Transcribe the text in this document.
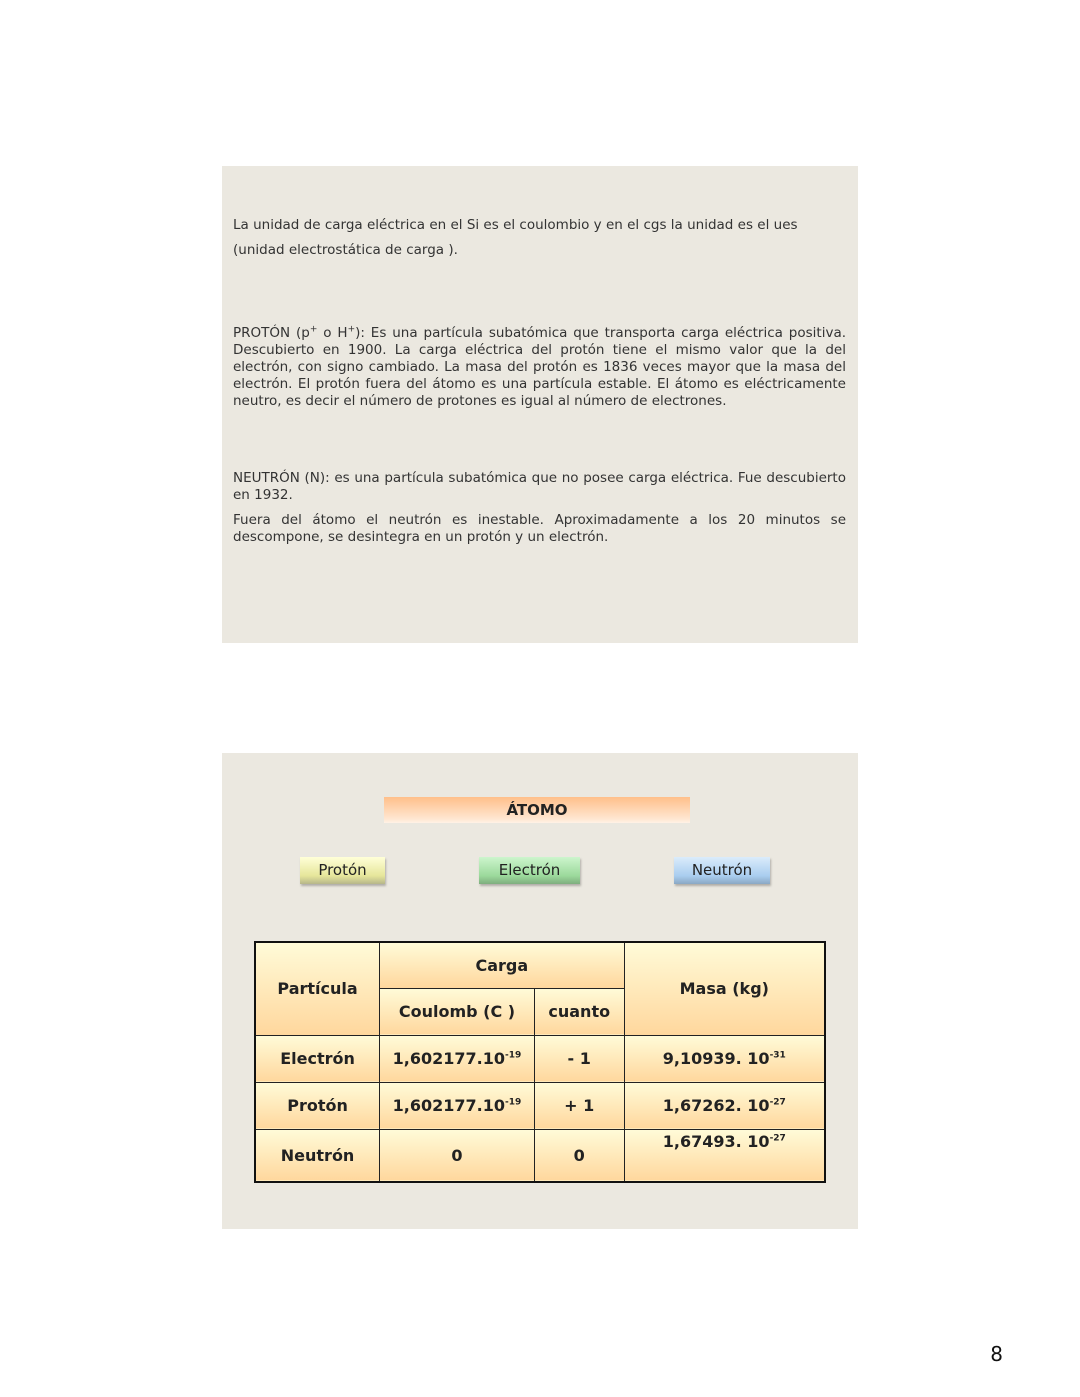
La unidad de carga eléctrica en el Si es el coulombio y en el cgs la unidad es el ues (unidad electrostática de carga ).

PROTÓN (p+ o H+): Es una partícula subatómica que transporta carga eléctrica positiva. Descubierto en 1900. La carga eléctrica del protón tiene el mismo valor que la del electrón, con signo cambiado. La masa del protón es 1836 veces mayor que la masa del electrón. El protón fuera del átomo es una partícula estable. El átomo es eléctricamente neutro, es decir el número de protones es igual al número de electrones.

NEUTRÓN (N): es una partícula subatómica que no posee carga eléctrica. Fue descubierto en 1932.

Fuera del átomo el neutrón es inestable. Aproximadamente a los 20 minutos se descompone, se desintegra en un protón y un electrón.

ÁTOMO
Protón	Electrón	Neutrón
Partícula	Carga		Masa (kg)
	Coulomb (C )	cuanto	
Electrón	$1,602177.10^{-19}$	- 1	9,10939. $10^{-31}$
Protón	$1,602177.10^{-19}$	+ 1	1,67262. $10^{-27}$
Neutrón	0	0	1,67493. $10^{-27}$
8
